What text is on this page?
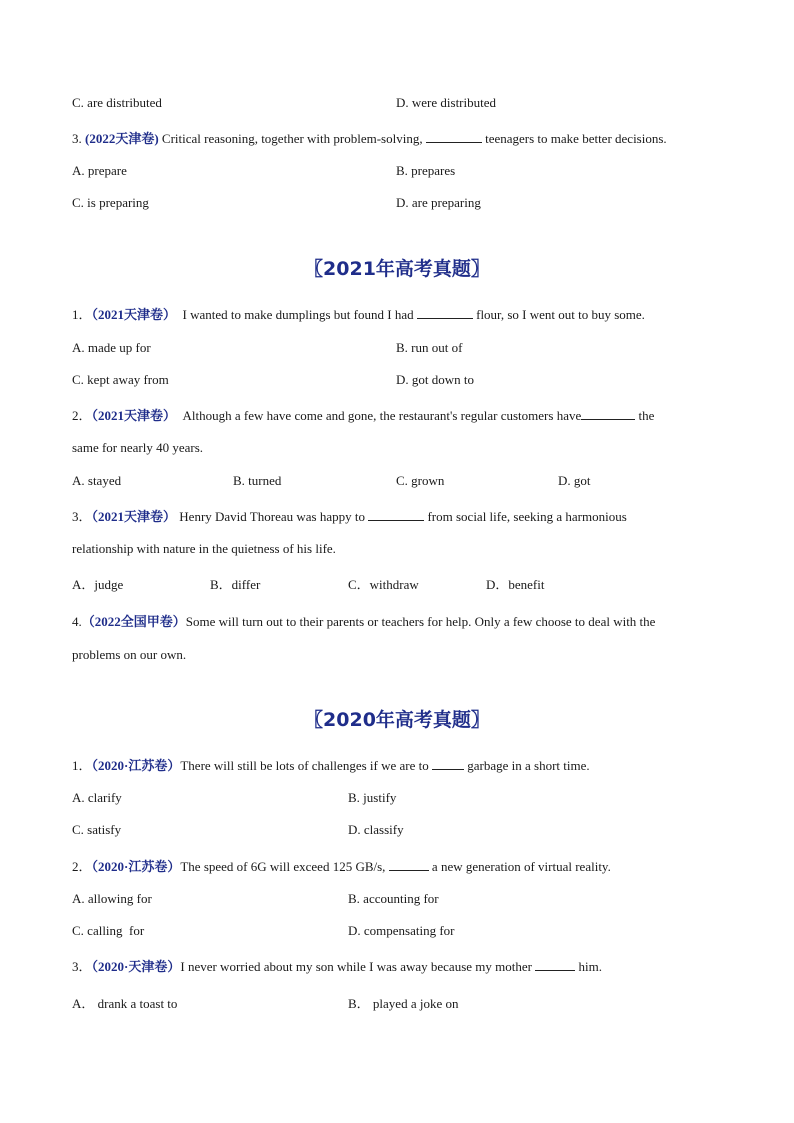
C. are distributed	D. were distributed
3. (2022天津卷) Critical reasoning, together with problem-solving,	teenagers to make better decisions.
A. prepare	B. prepares
C. is preparing	D. are preparing
〖2021年高考真题〗
1．（2021天津卷）  I wanted to make dumplings but found I had	flour, so I went out to buy some.
A. made up for	B. run out of
C. kept away from	D. got down to
2．（2021天津卷）  Although a few have come and gone, the restaurant's regular customers have	the
same for nearly 40 years.
A. stayed	B. turned	C. grown	D. got
3．（2021天津卷） Henry David Thoreau was happy to	from social life, seeking a harmonious
relationship with nature in the quietness of his life.
A．judge	B．differ	C．withdraw	D．benefit
4.（2022全国甲卷）Some will turn out to their parents or teachers for help. Only a few choose to deal with the
problems on our own.
〖2020年高考真题〗
1．（2020·江苏卷）There will still be lots of challenges if we are to  garbage in a short time.
A. clarify	B. justify
C. satisfy	D. classify
2．（2020·江苏卷）The speed of 6G will exceed 125 GB/s,	a new generation of virtual reality.
A. allowing for	B. accounting for
C. calling  for	D. compensating for
3．（2020·天津卷）I never worried about my son while I was away because my mother	him.
A． drank a toast to	B． played a joke on
